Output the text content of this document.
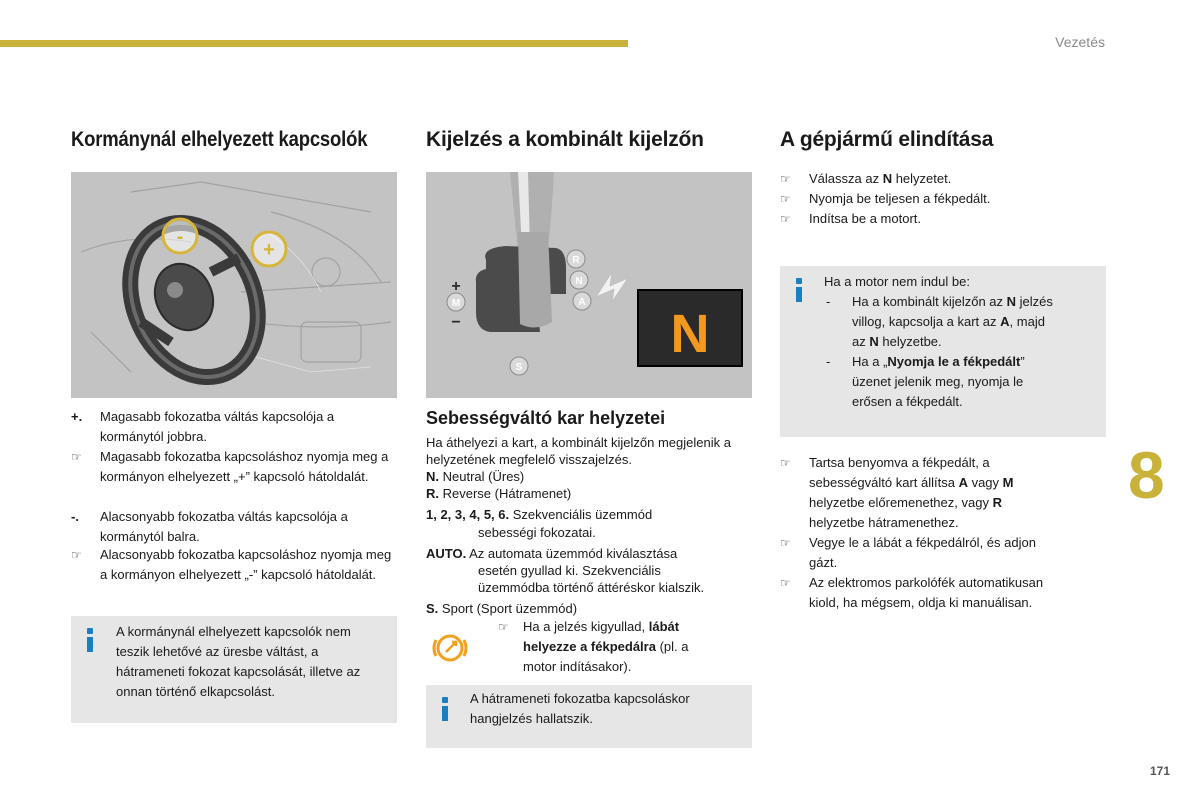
Vezetés
8
171
Kormánynál elhelyezett kapcsolók
-
+
+. Magasabb fokozatba váltás kapcsolója a kormánytól jobbra.
☞ Magasabb fokozatba kapcsoláshoz nyomja meg a kormányon elhelyezett „+” kapcsoló hátoldalát.
-. Alacsonyabb fokozatba váltás kapcsolója a kormánytól balra.
☞ Alacsonyabb fokozatba kapcsoláshoz nyomja meg a kormányon elhelyezett „-” kapcsoló hátoldalát.
A kormánynál elhelyezett kapcsolók nem teszik lehetővé az üresbe váltást, a hátrameneti fokozat kapcsolását, illetve az onnan történő elkapcsolást.
Kijelzés a kombinált kijelzőn
R
N
A
S
M
+
−	N
Sebességváltó kar helyzetei
Ha áthelyezi a kart, a kombinált kijelzőn megjelenik a helyzetének megfelelő visszajelzés.
N. Neutral (Üres)
R. Reverse (Hátramenet)
1, 2, 3, 4, 5, 6. Szekvenciális üzemmód
sebességi fokozatai.
AUTO. Az automata üzemmód kiválasztása
esetén gyullad ki. Szekvenciális
üzemmódba történő áttéréskor kialszik.
S. Sport (Sport üzemmód)
☞ Ha a jelzés kigyullad, lábát
helyezze a fékpedálra (pl. a
motor indításakor).
A hátrameneti fokozatba kapcsoláskor hangjelzés hallatszik.
A gépjármű elindítása
☞ Válassza az N helyzetet.
☞ Nyomja be teljesen a fékpedált.
☞ Indítsa be a motort.
Ha a motor nem indul be:
- Ha a kombinált kijelzőn az N jelzés
villog, kapcsolja a kart az A, majd
az N helyzetbe.
- Ha a „Nyomja le a fékpedált”
üzenet jelenik meg, nyomja le
erősen a fékpedált.
☞ Tartsa benyomva a fékpedált, a
sebességváltó kart állítsa A vagy M
helyzetbe előremenethez, vagy R
helyzetbe hátramenethez.
☞ Vegye le a lábát a fékpedálról, és adjon
gázt.
☞ Az elektromos parkolófék automatikusan
kiold, ha mégsem, oldja ki manuálisan.
